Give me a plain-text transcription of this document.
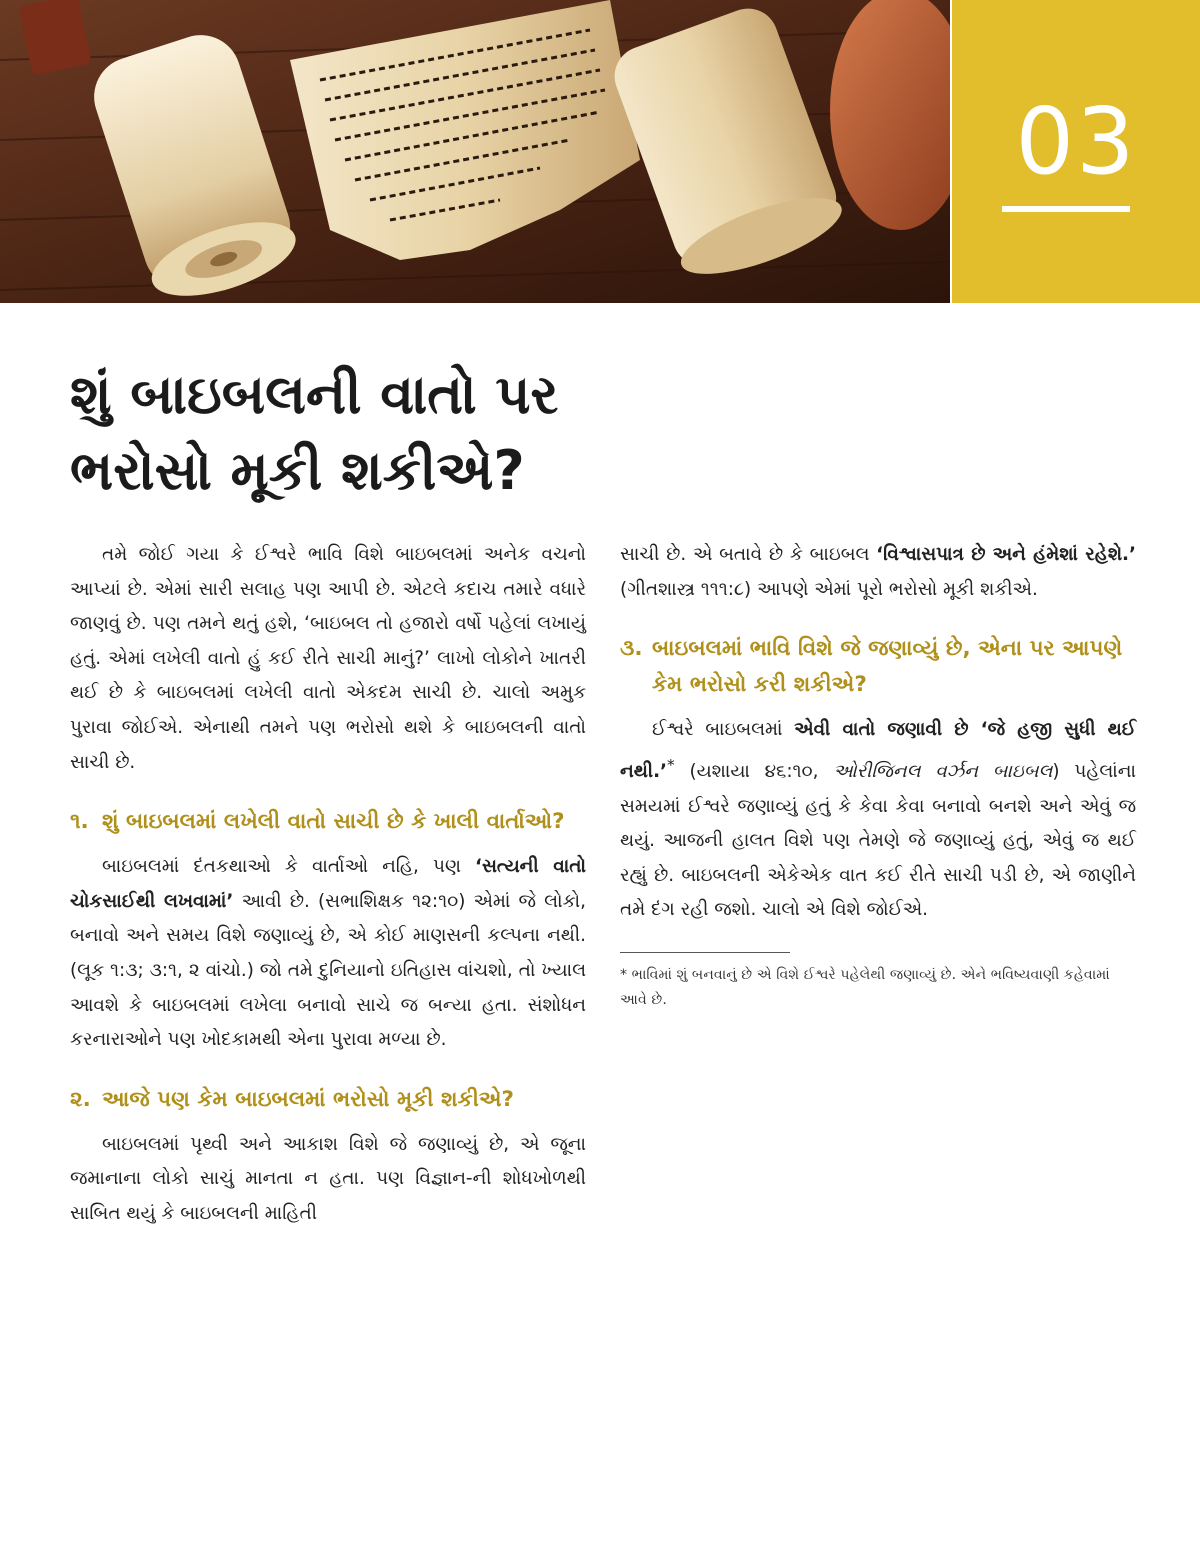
03
શું બાઇબલની વાતો પર ભરોસો મૂકી શકીએ?

તમે જોઈ ગયા કે ઈશ્વરે ભાવિ વિશે બાઇબલમાં અનેક વચનો આપ્યાં છે. એમાં સારી સલાહ પણ આપી છે. એટલે કદાચ તમારે વધારે જાણવું છે. પણ તમને થતું હશે, ‘બાઇબલ તો હજારો વર્ષો પહેલાં લખાયું હતું. એમાં લખેલી વાતો હું કઈ રીતે સાચી માનું?’ લાખો લોકોને ખાતરી થઈ છે કે બાઇબલમાં લખેલી વાતો એકદમ સાચી છે. ચાલો અમુક પુરાવા જોઈએ. એનાથી તમને પણ ભરોસો થશે કે બાઇબલની વાતો સાચી છે.

૧. શું બાઇબલમાં લખેલી વાતો સાચી છે કે ખાલી વાર્તાઓ?

બાઇબલમાં દંતકથાઓ કે વાર્તાઓ નહિ, પણ ‘સત્યની વાતો ચોકસાઈથી લખવામાં’ આવી છે. (સભાશિક્ષક ૧૨:૧૦) એમાં જે લોકો, બનાવો અને સમય વિશે જણાવ્યું છે, એ કોઈ માણસની કલ્પના નથી. (લૂક ૧:૩; ૩:૧, ૨ વાંચો.) જો તમે દુનિયાનો ઇતિહાસ વાંચશો, તો ખ્યાલ આવશે કે બાઇબલમાં લખેલા બનાવો સાચે જ બન્યા હતા. સંશોધન કરનારાઓને પણ ખોદકામથી એના પુરાવા મળ્યા છે.

૨. આજે પણ કેમ બાઇબલમાં ભરોસો મૂકી શકીએ?

બાઇબલમાં પૃથ્વી અને આકાશ વિશે જે જણાવ્યું છે, એ જૂના જમાનાના લોકો સાચું માનતા ન હતા. પણ વિજ્ઞાન-ની શોધખોળથી સાબિત થયું કે બાઇબલની માહિતી

સાચી છે. એ બતાવે છે કે બાઇબલ ‘વિશ્વાસપાત્ર છે અને હંમેશાં રહેશે.’ (ગીતશાસ્ત્ર ૧૧૧:૮) આપણે એમાં પૂરો ભરોસો મૂકી શકીએ.

૩. બાઇબલમાં ભાવિ વિશે જે જણાવ્યું છે, એના પર આપણે કેમ ભરોસો કરી શકીએ?

ઈશ્વરે બાઇબલમાં એવી વાતો જણાવી છે ‘જે હજી સુધી થઈ નથી.’* (યશાયા ૪૬:૧૦, ઓરીજિનલ વર્ઝન બાઇબલ) પહેલાંના સમયમાં ઈશ્વરે જણાવ્યું હતું કે કેવા કેવા બનાવો બનશે અને એવું જ થયું. આજની હાલત વિશે પણ તેમણે જે જણાવ્યું હતું, એવું જ થઈ રહ્યું છે. બાઇબલની એકેએક વાત કઈ રીતે સાચી પડી છે, એ જાણીને તમે દંગ રહી જશો. ચાલો એ વિશે જોઈએ.

* ભાવિમાં શું બનવાનું છે એ વિશે ઈશ્વરે પહેલેથી જણાવ્યું છે. એને ભવિષ્યવાણી કહેવામાં આવે છે.
